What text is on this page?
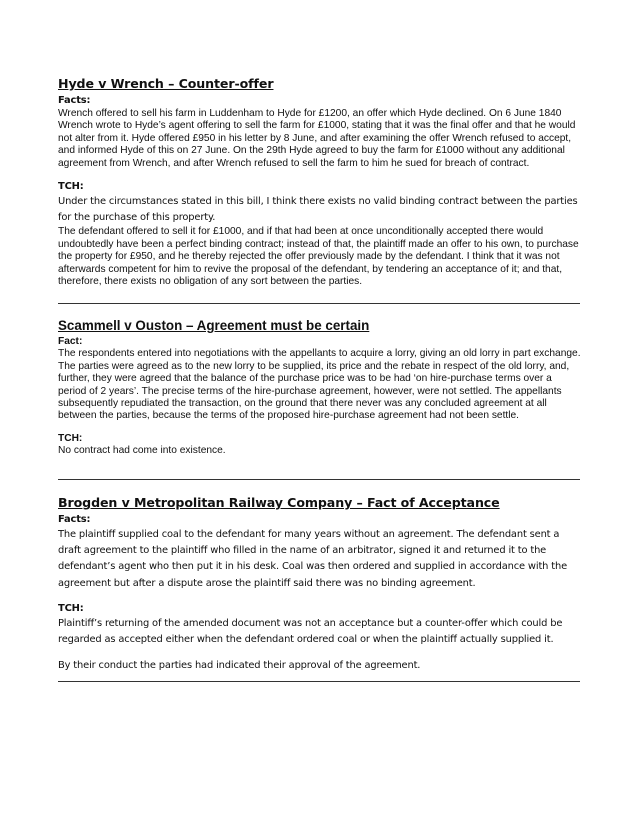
Hyde v Wrench – Counter-offer

Facts:

Wrench offered to sell his farm in Luddenham to Hyde for £1200, an offer which Hyde declined. On 6 June 1840 Wrench wrote to Hyde’s agent offering to sell the farm for £1000, stating that it was the final offer and that he would not alter from it. Hyde offered £950 in his letter by 8 June, and after examining the offer Wrench refused to accept, and informed Hyde of this on 27 June. On the 29th Hyde agreed to buy the farm for £1000 without any additional agreement from Wrench, and after Wrench refused to sell the farm to him he sued for breach of contract.

TCH:

Under the circumstances stated in this bill, I think there exists no valid binding contract between the parties for the purchase of this property.

The defendant offered to sell it for £1000, and if that had been at once unconditionally accepted there would undoubtedly have been a perfect binding contract; instead of that, the plaintiff made an offer to his own, to purchase the property for £950, and he thereby rejected the offer previously made by the defendant. I think that it was not afterwards competent for him to revive the proposal of the defendant, by tendering an acceptance of it; and that, therefore, there exists no obligation of any sort between the parties.

Scammell v Ouston – Agreement must be certain

Fact:

The respondents entered into negotiations with the appellants to acquire a lorry, giving an old lorry in part exchange. The parties were agreed as to the new lorry to be supplied, its price and the rebate in respect of the old lorry, and, further, they were agreed that the balance of the purchase price was to be had ‘on hire-purchase terms over a period of 2 years’. The precise terms of the hire-purchase agreement, however, were not settled. The appellants subsequently repudiated the transaction, on the ground that there never was any concluded agreement at all between the parties, because the terms of the proposed hire-purchase agreement had not been settle.

TCH:

No contract had come into existence.

Brogden v Metropolitan Railway Company – Fact of Acceptance

Facts:

The plaintiff supplied coal to the defendant for many years without an agreement. The defendant sent a draft agreement to the plaintiff who filled in the name of an arbitrator, signed it and returned it to the defendant’s agent who then put it in his desk. Coal was then ordered and supplied in accordance with the agreement but after a dispute arose the plaintiff said there was no binding agreement.

TCH:

Plaintiff’s returning of the amended document was not an acceptance but a counter-offer which could be regarded as accepted either when the defendant ordered coal or when the plaintiff actually supplied it.

By their conduct the parties had indicated their approval of the agreement.
